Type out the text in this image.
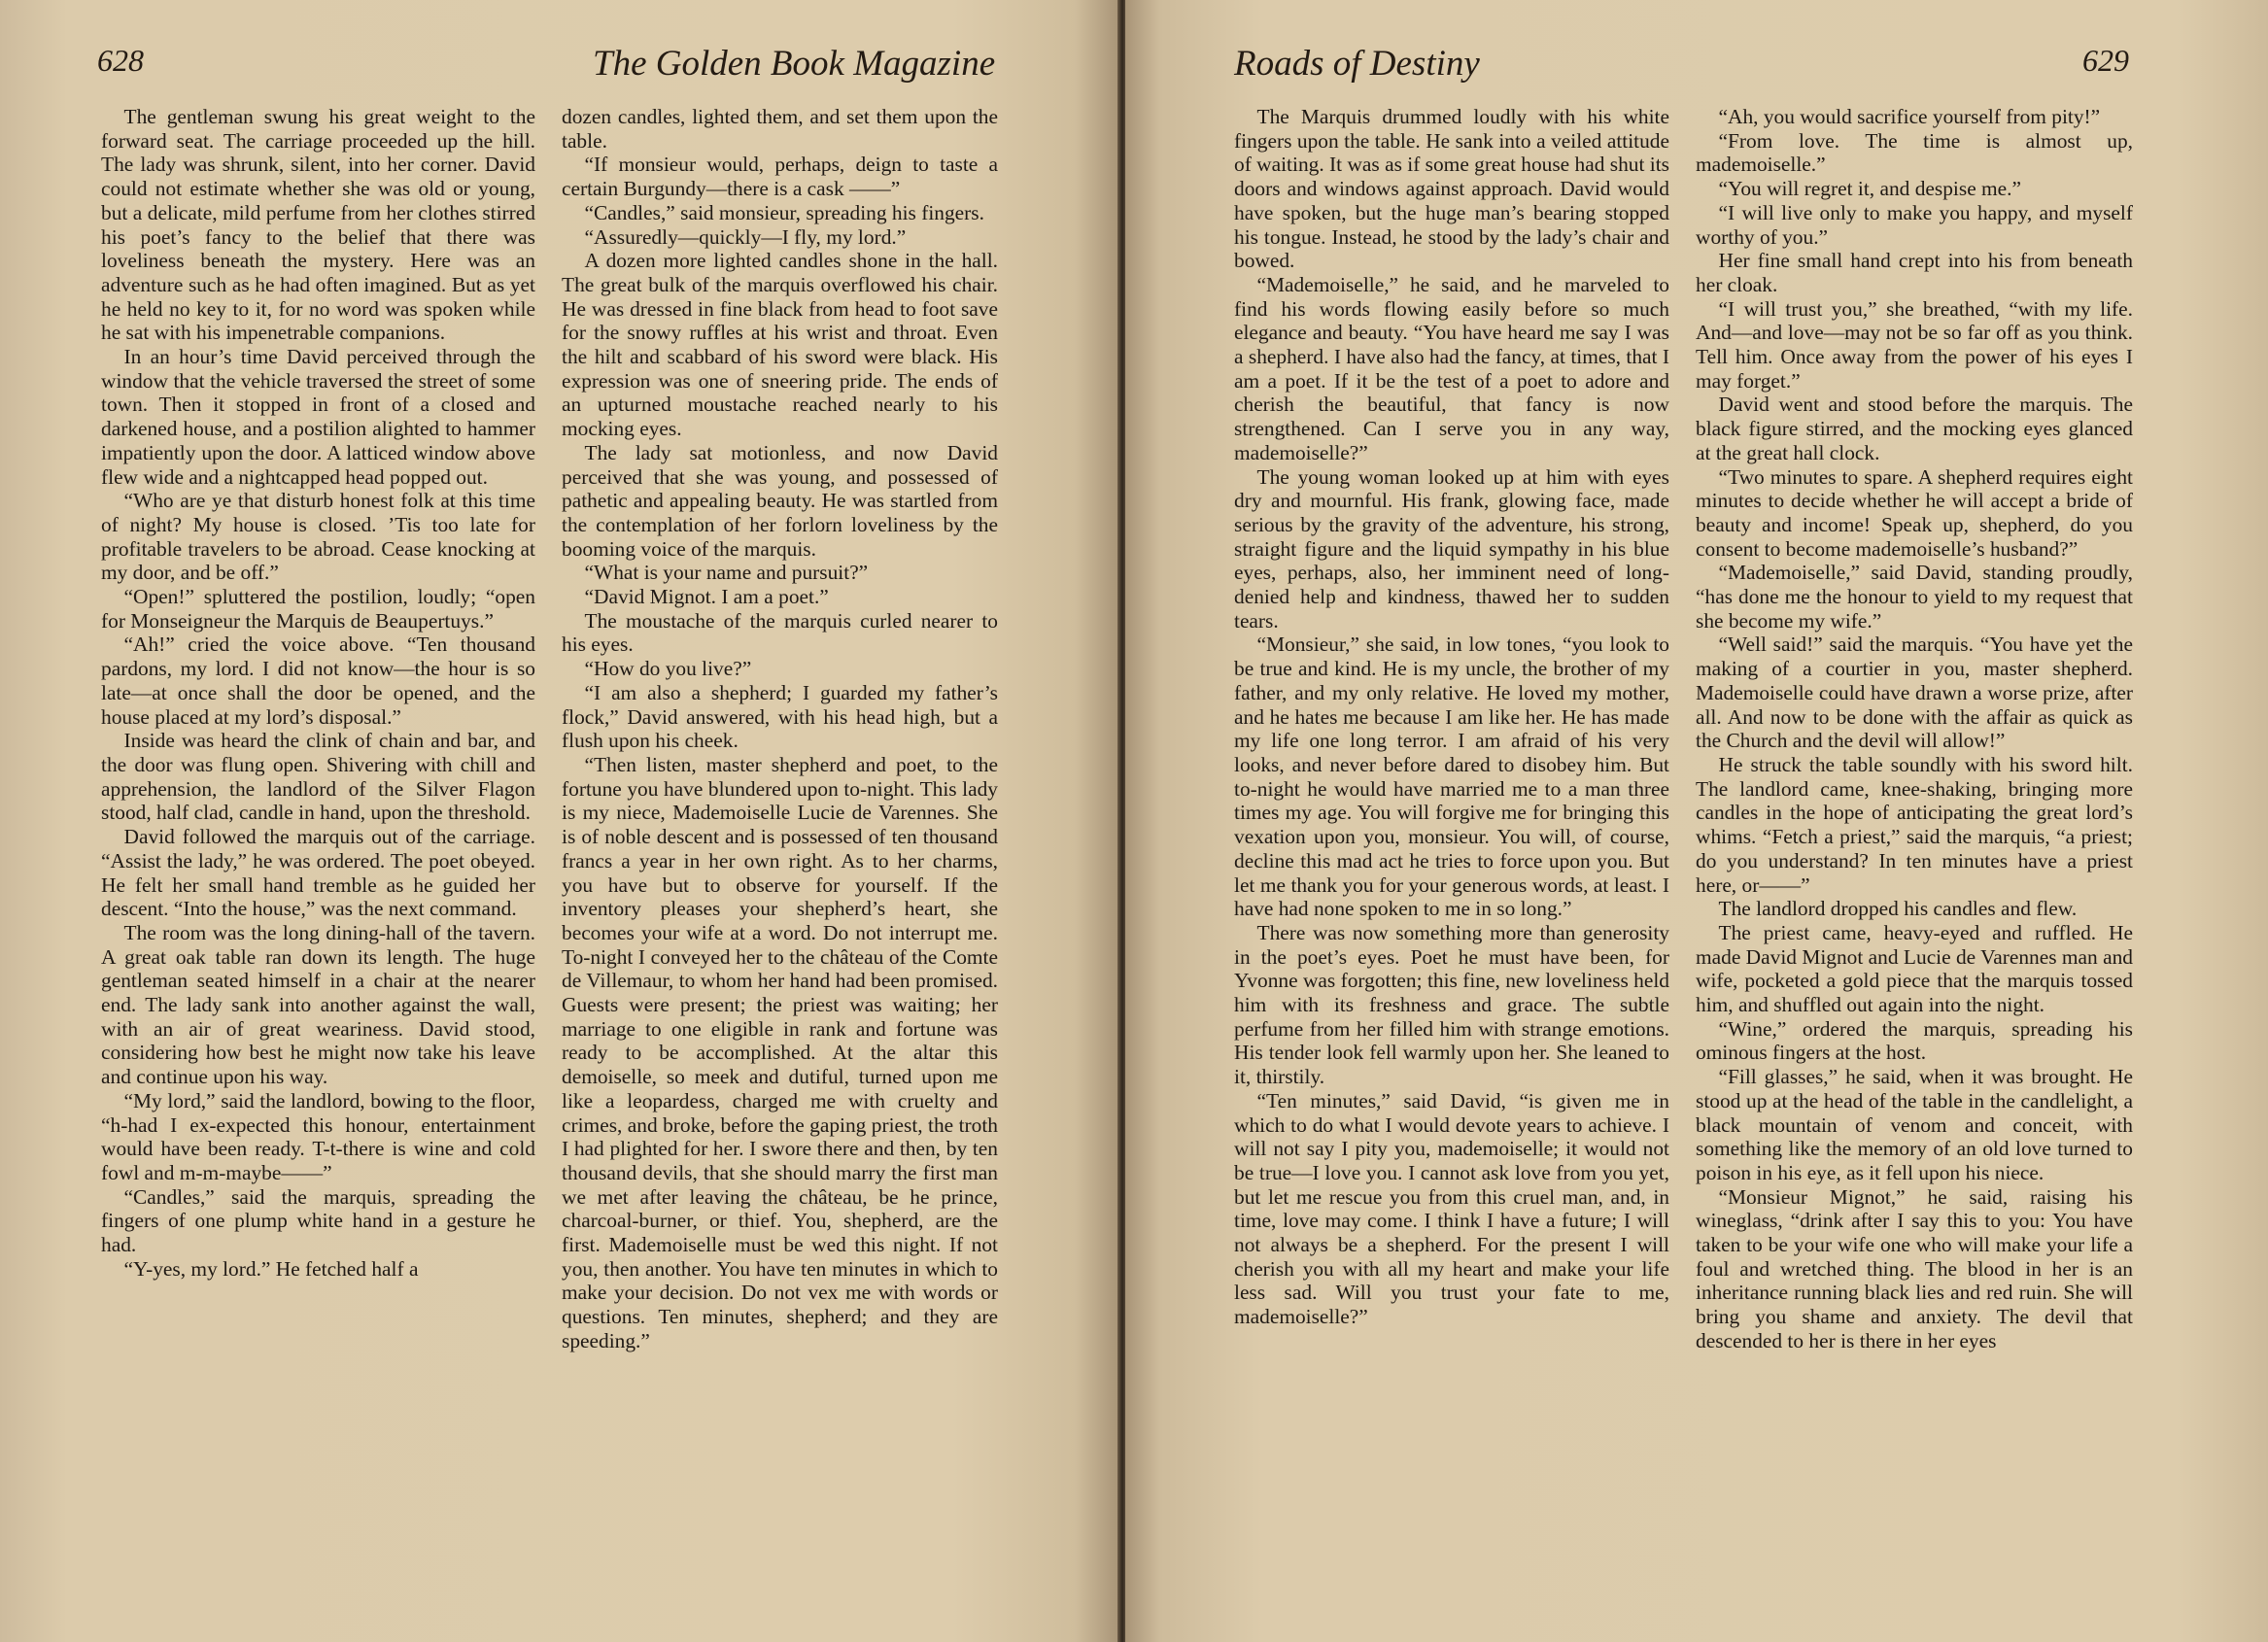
628	The Golden Book Magazine

The gentleman swung his great weight to the forward seat. The carriage proceeded up the hill. The lady was shrunk, silent, into her corner. David could not estimate whether she was old or young, but a delicate, mild perfume from her clothes stirred his poet’s fancy to the belief that there was loveliness beneath the mystery. Here was an adventure such as he had often imagined. But as yet he held no key to it, for no word was spoken while he sat with his impenetrable companions.

In an hour’s time David perceived through the window that the vehicle traversed the street of some town. Then it stopped in front of a closed and darkened house, and a postilion alighted to hammer impatiently upon the door. A latticed window above flew wide and a nightcapped head popped out.

“Who are ye that disturb honest folk at this time of night? My house is closed. ’Tis too late for profitable travelers to be abroad. Cease knocking at my door, and be off.”

“Open!” spluttered the postilion, loudly; “open for Monseigneur the Marquis de Beaupertuys.”

“Ah!” cried the voice above. “Ten thousand pardons, my lord. I did not know—the hour is so late—at once shall the door be opened, and the house placed at my lord’s disposal.”

Inside was heard the clink of chain and bar, and the door was flung open. Shivering with chill and apprehension, the landlord of the Silver Flagon stood, half clad, candle in hand, upon the threshold.

David followed the marquis out of the carriage. “Assist the lady,” he was ordered. The poet obeyed. He felt her small hand tremble as he guided her descent. “Into the house,” was the next command.

The room was the long dining-hall of the tavern. A great oak table ran down its length. The huge gentleman seated himself in a chair at the nearer end. The lady sank into another against the wall, with an air of great weariness. David stood, considering how best he might now take his leave and continue upon his way.

“My lord,” said the landlord, bowing to the floor, “h-had I ex-expected this honour, entertainment would have been ready. T-t-there is wine and cold fowl and m-m-maybe——”

“Candles,” said the marquis, spreading the fingers of one plump white hand in a gesture he had.

“Y-yes, my lord.” He fetched half a

dozen candles, lighted them, and set them upon the table.

“If monsieur would, perhaps, deign to taste a certain Burgundy—there is a cask ——”

“Candles,” said monsieur, spreading his fingers.

“Assuredly—quickly—I fly, my lord.”

A dozen more lighted candles shone in the hall. The great bulk of the marquis overflowed his chair. He was dressed in fine black from head to foot save for the snowy ruffles at his wrist and throat. Even the hilt and scabbard of his sword were black. His expression was one of sneering pride. The ends of an upturned moustache reached nearly to his mocking eyes.

The lady sat motionless, and now David perceived that she was young, and possessed of pathetic and appealing beauty. He was startled from the contemplation of her forlorn loveliness by the booming voice of the marquis.

“What is your name and pursuit?”

“David Mignot. I am a poet.”

The moustache of the marquis curled nearer to his eyes.

“How do you live?”

“I am also a shepherd; I guarded my father’s flock,” David answered, with his head high, but a flush upon his cheek.

“Then listen, master shepherd and poet, to the fortune you have blundered upon to-night. This lady is my niece, Mademoiselle Lucie de Varennes. She is of noble descent and is possessed of ten thousand francs a year in her own right. As to her charms, you have but to observe for yourself. If the inventory pleases your shepherd’s heart, she becomes your wife at a word. Do not interrupt me. To-night I conveyed her to the château of the Comte de Villemaur, to whom her hand had been promised. Guests were present; the priest was waiting; her marriage to one eligible in rank and fortune was ready to be accomplished. At the altar this demoiselle, so meek and dutiful, turned upon me like a leopardess, charged me with cruelty and crimes, and broke, before the gaping priest, the troth I had plighted for her. I swore there and then, by ten thousand devils, that she should marry the first man we met after leaving the château, be he prince, charcoal-burner, or thief. You, shepherd, are the first. Mademoiselle must be wed this night. If not you, then another. You have ten minutes in which to make your decision. Do not vex me with words or questions. Ten minutes, shepherd; and they are speeding.”

Roads of Destiny	629

The Marquis drummed loudly with his white fingers upon the table. He sank into a veiled attitude of waiting. It was as if some great house had shut its doors and windows against approach. David would have spoken, but the huge man’s bearing stopped his tongue. Instead, he stood by the lady’s chair and bowed.

“Mademoiselle,” he said, and he marveled to find his words flowing easily before so much elegance and beauty. “You have heard me say I was a shepherd. I have also had the fancy, at times, that I am a poet. If it be the test of a poet to adore and cherish the beautiful, that fancy is now strengthened. Can I serve you in any way, mademoiselle?”

The young woman looked up at him with eyes dry and mournful. His frank, glowing face, made serious by the gravity of the adventure, his strong, straight figure and the liquid sympathy in his blue eyes, perhaps, also, her imminent need of long-denied help and kindness, thawed her to sudden tears.

“Monsieur,” she said, in low tones, “you look to be true and kind. He is my uncle, the brother of my father, and my only relative. He loved my mother, and he hates me because I am like her. He has made my life one long terror. I am afraid of his very looks, and never before dared to disobey him. But to-night he would have married me to a man three times my age. You will forgive me for bringing this vexation upon you, monsieur. You will, of course, decline this mad act he tries to force upon you. But let me thank you for your generous words, at least. I have had none spoken to me in so long.”

There was now something more than generosity in the poet’s eyes. Poet he must have been, for Yvonne was forgotten; this fine, new loveliness held him with its freshness and grace. The subtle perfume from her filled him with strange emotions. His tender look fell warmly upon her. She leaned to it, thirstily.

“Ten minutes,” said David, “is given me in which to do what I would devote years to achieve. I will not say I pity you, mademoiselle; it would not be true—I love you. I cannot ask love from you yet, but let me rescue you from this cruel man, and, in time, love may come. I think I have a future; I will not always be a shepherd. For the present I will cherish you with all my heart and make your life less sad. Will you trust your fate to me, mademoiselle?”

“Ah, you would sacrifice yourself from pity!”

“From love. The time is almost up, mademoiselle.”

“You will regret it, and despise me.”

“I will live only to make you happy, and myself worthy of you.”

Her fine small hand crept into his from beneath her cloak.

“I will trust you,” she breathed, “with my life. And—and love—may not be so far off as you think. Tell him. Once away from the power of his eyes I may forget.”

David went and stood before the marquis. The black figure stirred, and the mocking eyes glanced at the great hall clock.

“Two minutes to spare. A shepherd requires eight minutes to decide whether he will accept a bride of beauty and income! Speak up, shepherd, do you consent to become mademoiselle’s husband?”

“Mademoiselle,” said David, standing proudly, “has done me the honour to yield to my request that she become my wife.”

“Well said!” said the marquis. “You have yet the making of a courtier in you, master shepherd. Mademoiselle could have drawn a worse prize, after all. And now to be done with the affair as quick as the Church and the devil will allow!”

He struck the table soundly with his sword hilt. The landlord came, knee-shaking, bringing more candles in the hope of anticipating the great lord’s whims. “Fetch a priest,” said the marquis, “a priest; do you understand? In ten minutes have a priest here, or——”

The landlord dropped his candles and flew.

The priest came, heavy-eyed and ruffled. He made David Mignot and Lucie de Varennes man and wife, pocketed a gold piece that the marquis tossed him, and shuffled out again into the night.

“Wine,” ordered the marquis, spreading his ominous fingers at the host.

“Fill glasses,” he said, when it was brought. He stood up at the head of the table in the candlelight, a black mountain of venom and conceit, with something like the memory of an old love turned to poison in his eye, as it fell upon his niece.

“Monsieur Mignot,” he said, raising his wineglass, “drink after I say this to you: You have taken to be your wife one who will make your life a foul and wretched thing. The blood in her is an inheritance running black lies and red ruin. She will bring you shame and anxiety. The devil that descended to her is there in her eyes
